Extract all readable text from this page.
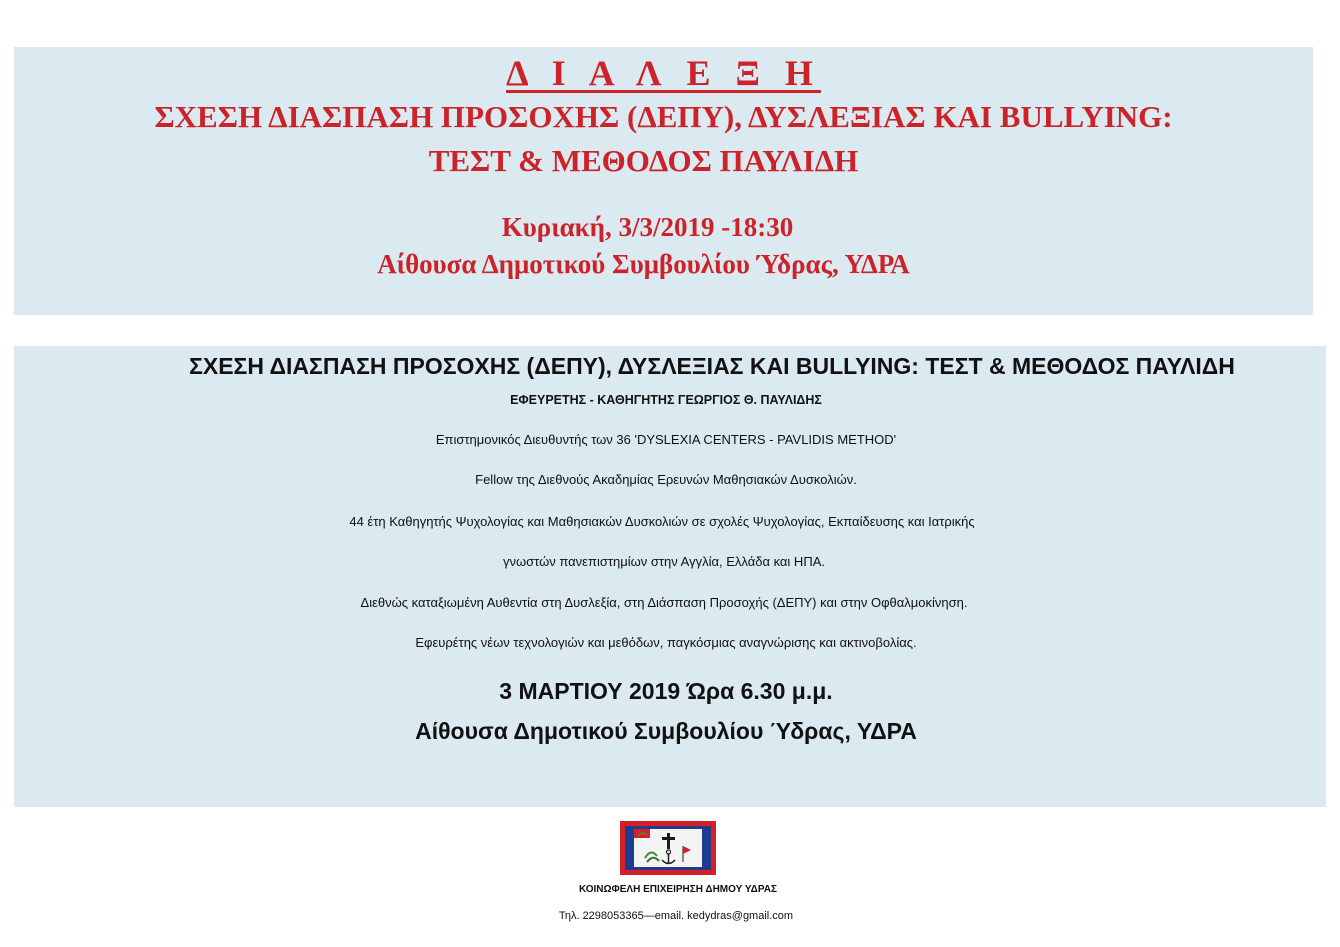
Δ Ι Α Λ Ε Ξ Η
ΣΧΕΣΗ ΔΙΑΣΠΑΣΗ ΠΡΟΣΟΧΗΣ (ΔΕΠΥ), ΔΥΣΛΕΞΙΑΣ ΚΑΙ BULLYING:
ΤΕΣΤ & ΜΕΘΟΔΟΣ ΠΑΥΛΙΔΗ
Κυριακή, 3/3/2019 -18:30
Αίθουσα Δημοτικού Συμβουλίου Ύδρας, ΥΔΡΑ
ΣΧΕΣΗ ΔΙΑΣΠΑΣΗ ΠΡΟΣΟΧΗΣ (ΔΕΠΥ), ΔΥΣΛΕΞΙΑΣ ΚΑΙ BULLYING: ΤΕΣΤ & ΜΕΘΟΔΟΣ ΠΑΥΛΙΔΗ
ΕΦΕΥΡΕΤΗΣ - ΚΑΘΗΓΗΤΗΣ ΓΕΩΡΓΙΟΣ Θ. ΠΑΥΛΙΔΗΣ
Επιστημονικός Διευθυντής των 36 'DYSLEXIA CENTERS - PAVLIDIS METHOD'
Fellow της Διεθνούς Ακαδημίας Ερευνών Μαθησιακών Δυσκολιών.
44 έτη Καθηγητής Ψυχολογίας και Μαθησιακών Δυσκολιών σε σχολές Ψυχολογίας, Εκπαίδευσης και Ιατρικής
γνωστών πανεπιστημίων στην Αγγλία, Ελλάδα και ΗΠΑ.
Διεθνώς καταξιωμένη Αυθεντία στη Δυσλεξία, στη Διάσπαση Προσοχής (ΔΕΠΥ) και στην Οφθαλμοκίνηση.
Εφευρέτης νέων τεχνολογιών και μεθόδων, παγκόσμιας αναγνώρισης και ακτινοβολίας.
3 ΜΑΡΤΙΟΥ 2019 Ώρα 6.30 μ.μ.
Αίθουσα Δημοτικού Συμβουλίου Ύδρας, ΥΔΡΑ
ΚΟΙΝΩΦΕΛΗ ΕΠΙΧΕΙΡΗΣΗ ΔΗΜΟΥ ΥΔΡΑΣ
Τηλ. 2298053365—email. kedydras@gmail.com
